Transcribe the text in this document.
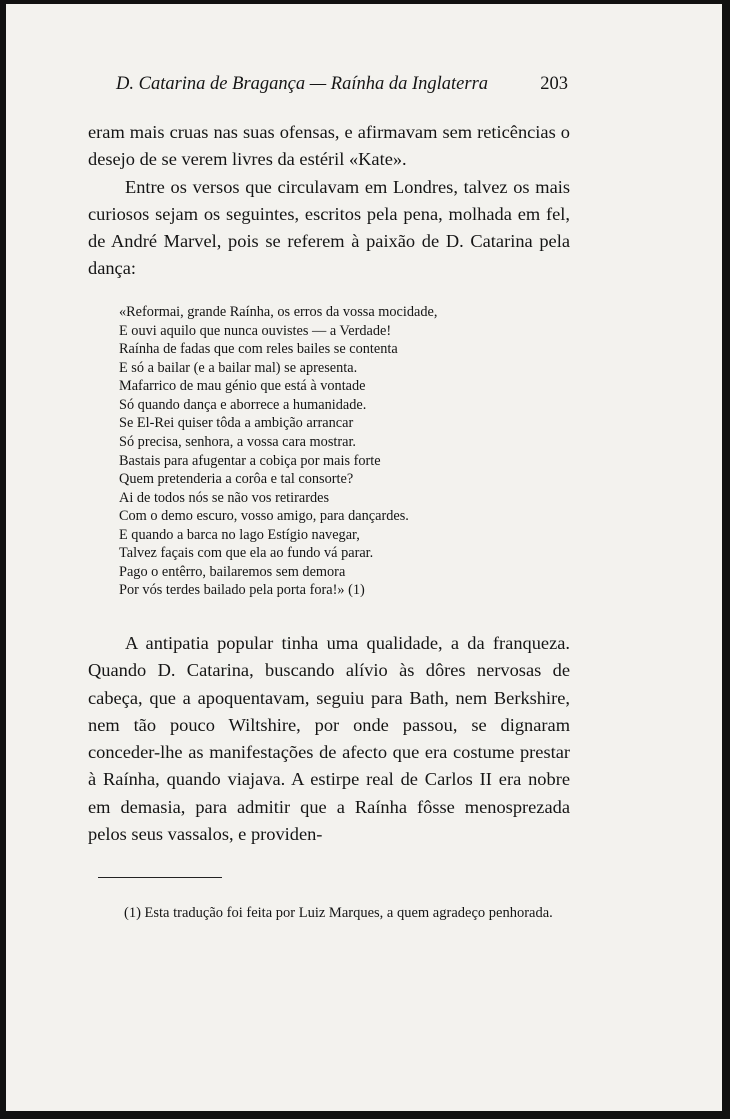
D. Catarina de Bragança — Raínha da Inglaterra	203

eram mais cruas nas suas ofensas, e afirmavam sem reticências o desejo de se verem livres da estéril «Kate».

Entre os versos que circulavam em Londres, talvez os mais curiosos sejam os seguintes, escritos pela pena, molhada em fel, de André Marvel, pois se referem à paixão de D. Catarina pela dança:

«Reformai, grande Raínha, os erros da vossa mocidade,
E ouvi aquilo que nunca ouvistes — a Verdade!
Raínha de fadas que com reles bailes se contenta
E só a bailar (e a bailar mal) se apresenta.
Mafarrico de mau génio que está à vontade
Só quando dança e aborrece a humanidade.
Se El-Rei quiser tôda a ambição arrancar
Só precisa, senhora, a vossa cara mostrar.
Bastais para afugentar a cobiça por mais forte
Quem pretenderia a corôa e tal consorte?
Ai de todos nós se não vos retirardes
Com o demo escuro, vosso amigo, para dançardes.
E quando a barca no lago Estígio navegar,
Talvez façais com que ela ao fundo vá parar.
Pago o entêrro, bailaremos sem demora
Por vós terdes bailado pela porta fora!» (1)

A antipatia popular tinha uma qualidade, a da franqueza. Quando D. Catarina, buscando alívio às dôres nervosas de cabeça, que a apoquentavam, seguiu para Bath, nem Berkshire, nem tão pouco Wiltshire, por onde passou, se dignaram conceder-lhe as manifestações de afecto que era costume prestar à Raínha, quando viajava. A estirpe real de Carlos II era nobre em demasia, para admitir que a Raínha fôsse menosprezada pelos seus vassalos, e providen-

(1) Esta tradução foi feita por Luiz Marques, a quem agradeço penhorada.
